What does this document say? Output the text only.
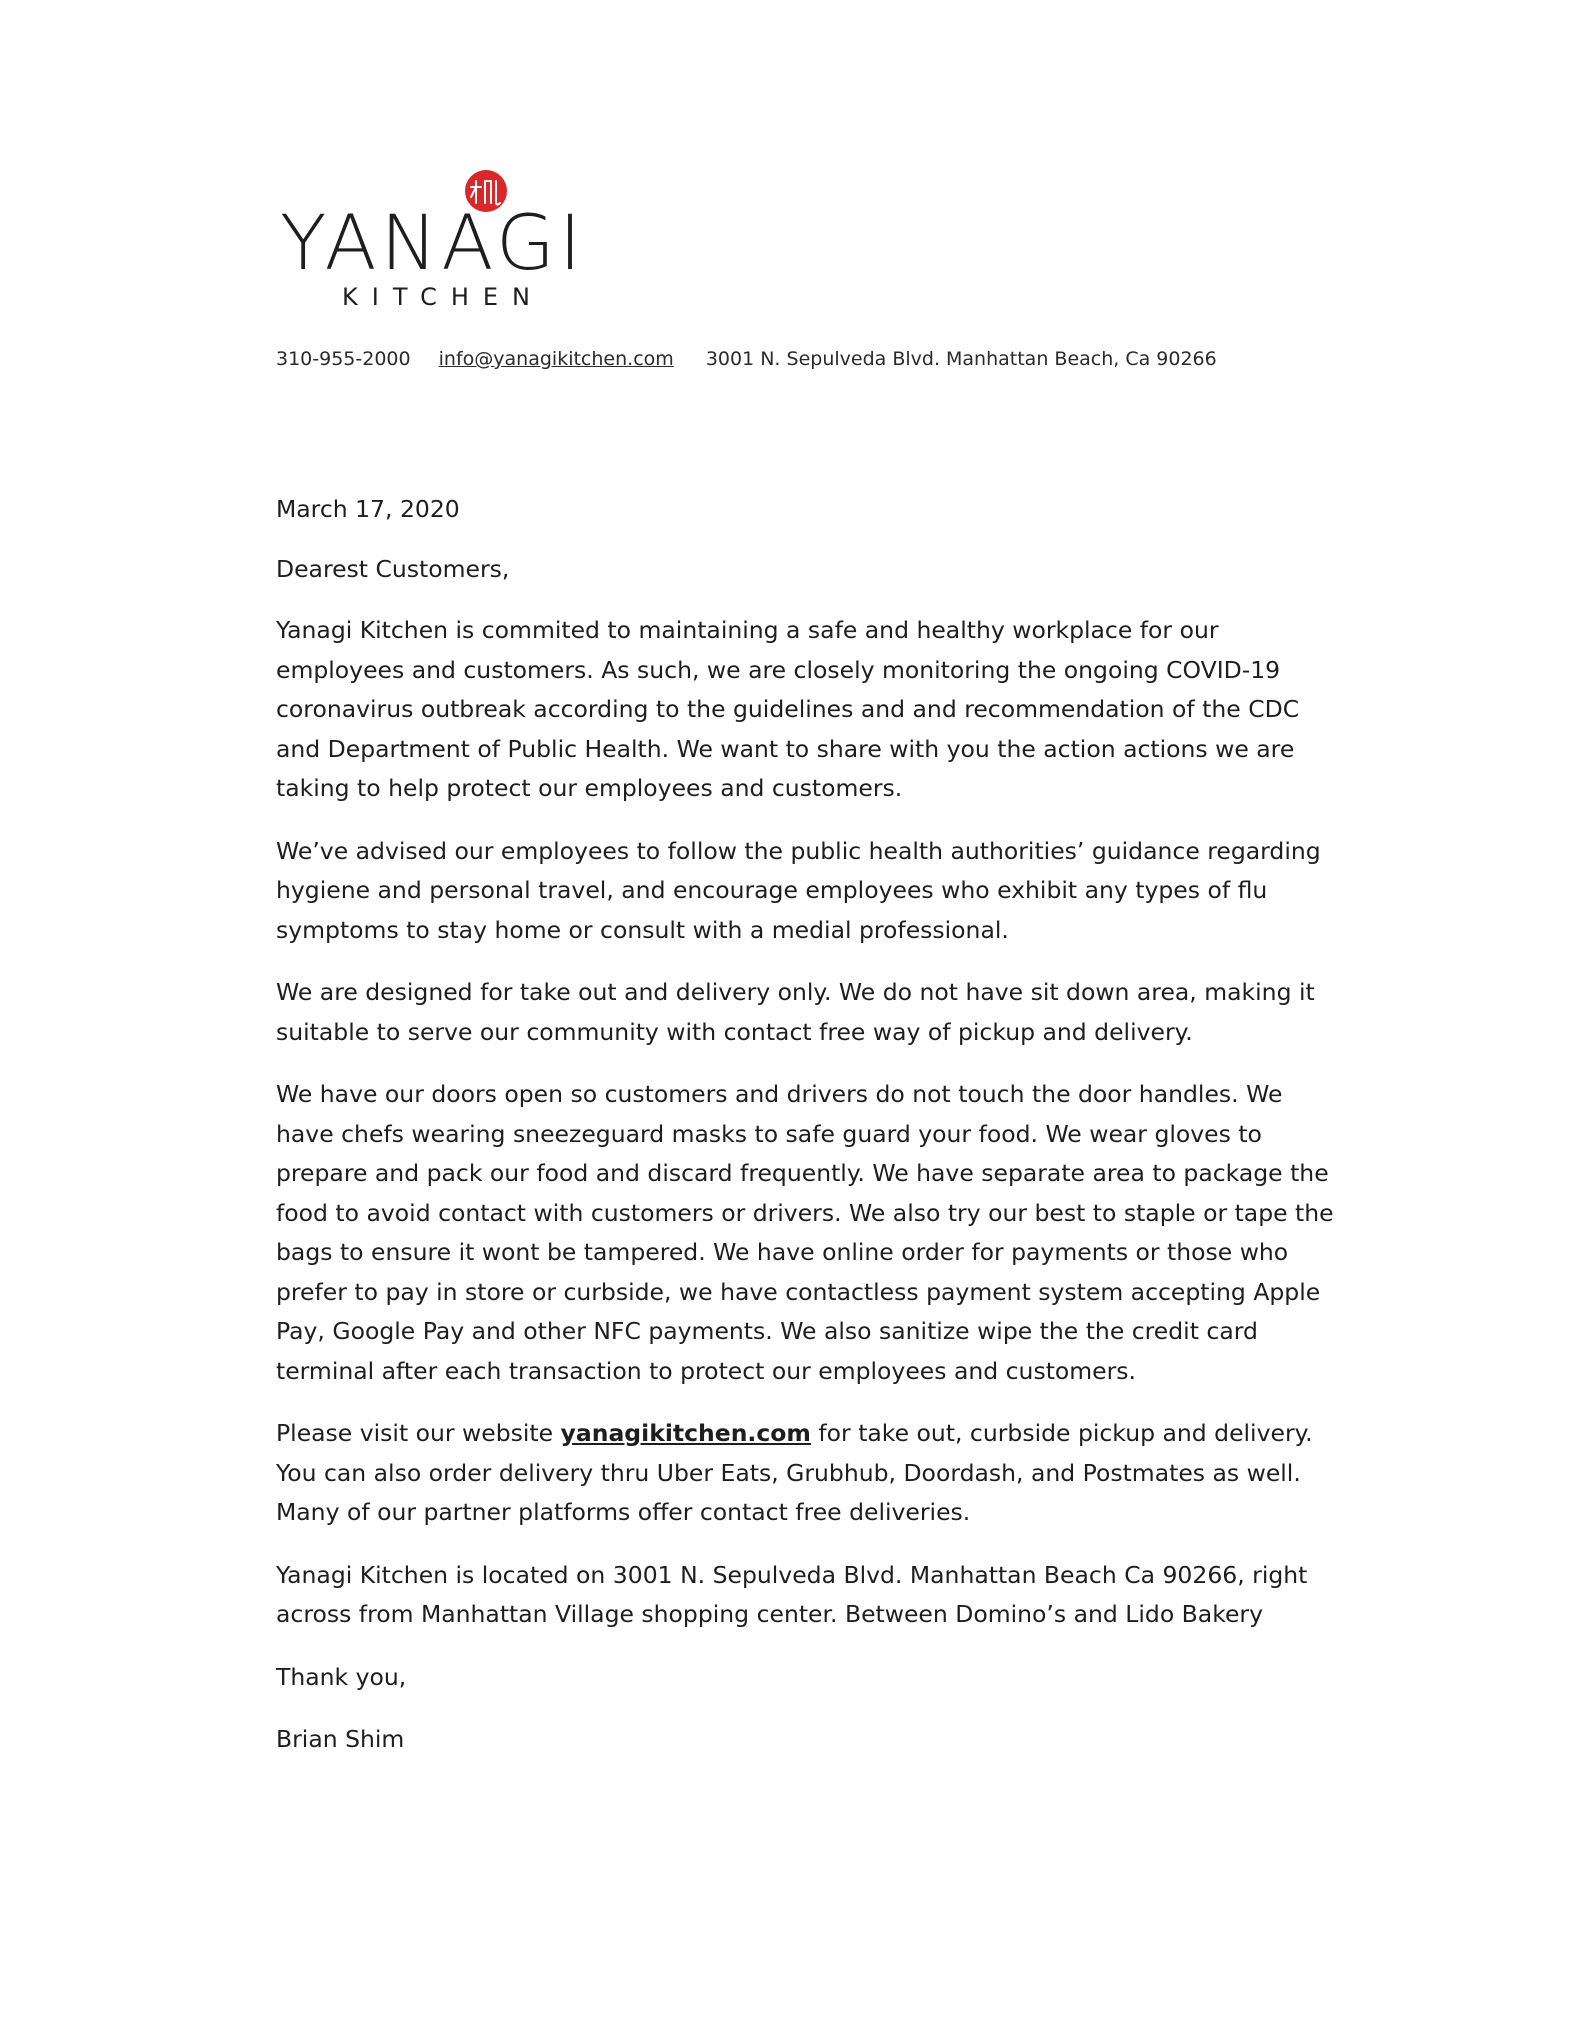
YANAGI
KITCHEN
310-955-2000 info@yanagikitchen.com 3001 N. Sepulveda Blvd. Manhattan Beach, Ca 90266

March 17, 2020

Dearest Customers,

Yanagi Kitchen is commited to maintaining a safe and healthy workplace for our employees and customers. As such, we are closely monitoring the ongoing COVID-19 coronavirus outbreak according to the guidelines and and recommendation of the CDC and Department of Public Health. We want to share with you the action actions we are taking to help protect our employees and customers.

We’ve advised our employees to follow the public health authorities’ guidance regarding hygiene and personal travel, and encourage employees who exhibit any types of flu symptoms to stay home or consult with a medial professional.

We are designed for take out and delivery only. We do not have sit down area, making it suitable to serve our community with contact free way of pickup and delivery.

We have our doors open so customers and drivers do not touch the door handles. We have chefs wearing sneezeguard masks to safe guard your food. We wear gloves to prepare and pack our food and discard frequently. We have separate area to package the food to avoid contact with customers or drivers. We also try our best to staple or tape the bags to ensure it wont be tampered. We have online order for payments or those who prefer to pay in store or curbside, we have contactless payment system accepting Apple Pay, Google Pay and other NFC payments. We also sanitize wipe the the credit card terminal after each transaction to protect our employees and customers.

Please visit our website yanagikitchen.com for take out, curbside pickup and delivery. You can also order delivery thru Uber Eats, Grubhub, Doordash, and Postmates as well. Many of our partner platforms offer contact free deliveries.

Yanagi Kitchen is located on 3001 N. Sepulveda Blvd. Manhattan Beach Ca 90266, right across from Manhattan Village shopping center. Between Domino’s and Lido Bakery

Thank you,

Brian Shim
